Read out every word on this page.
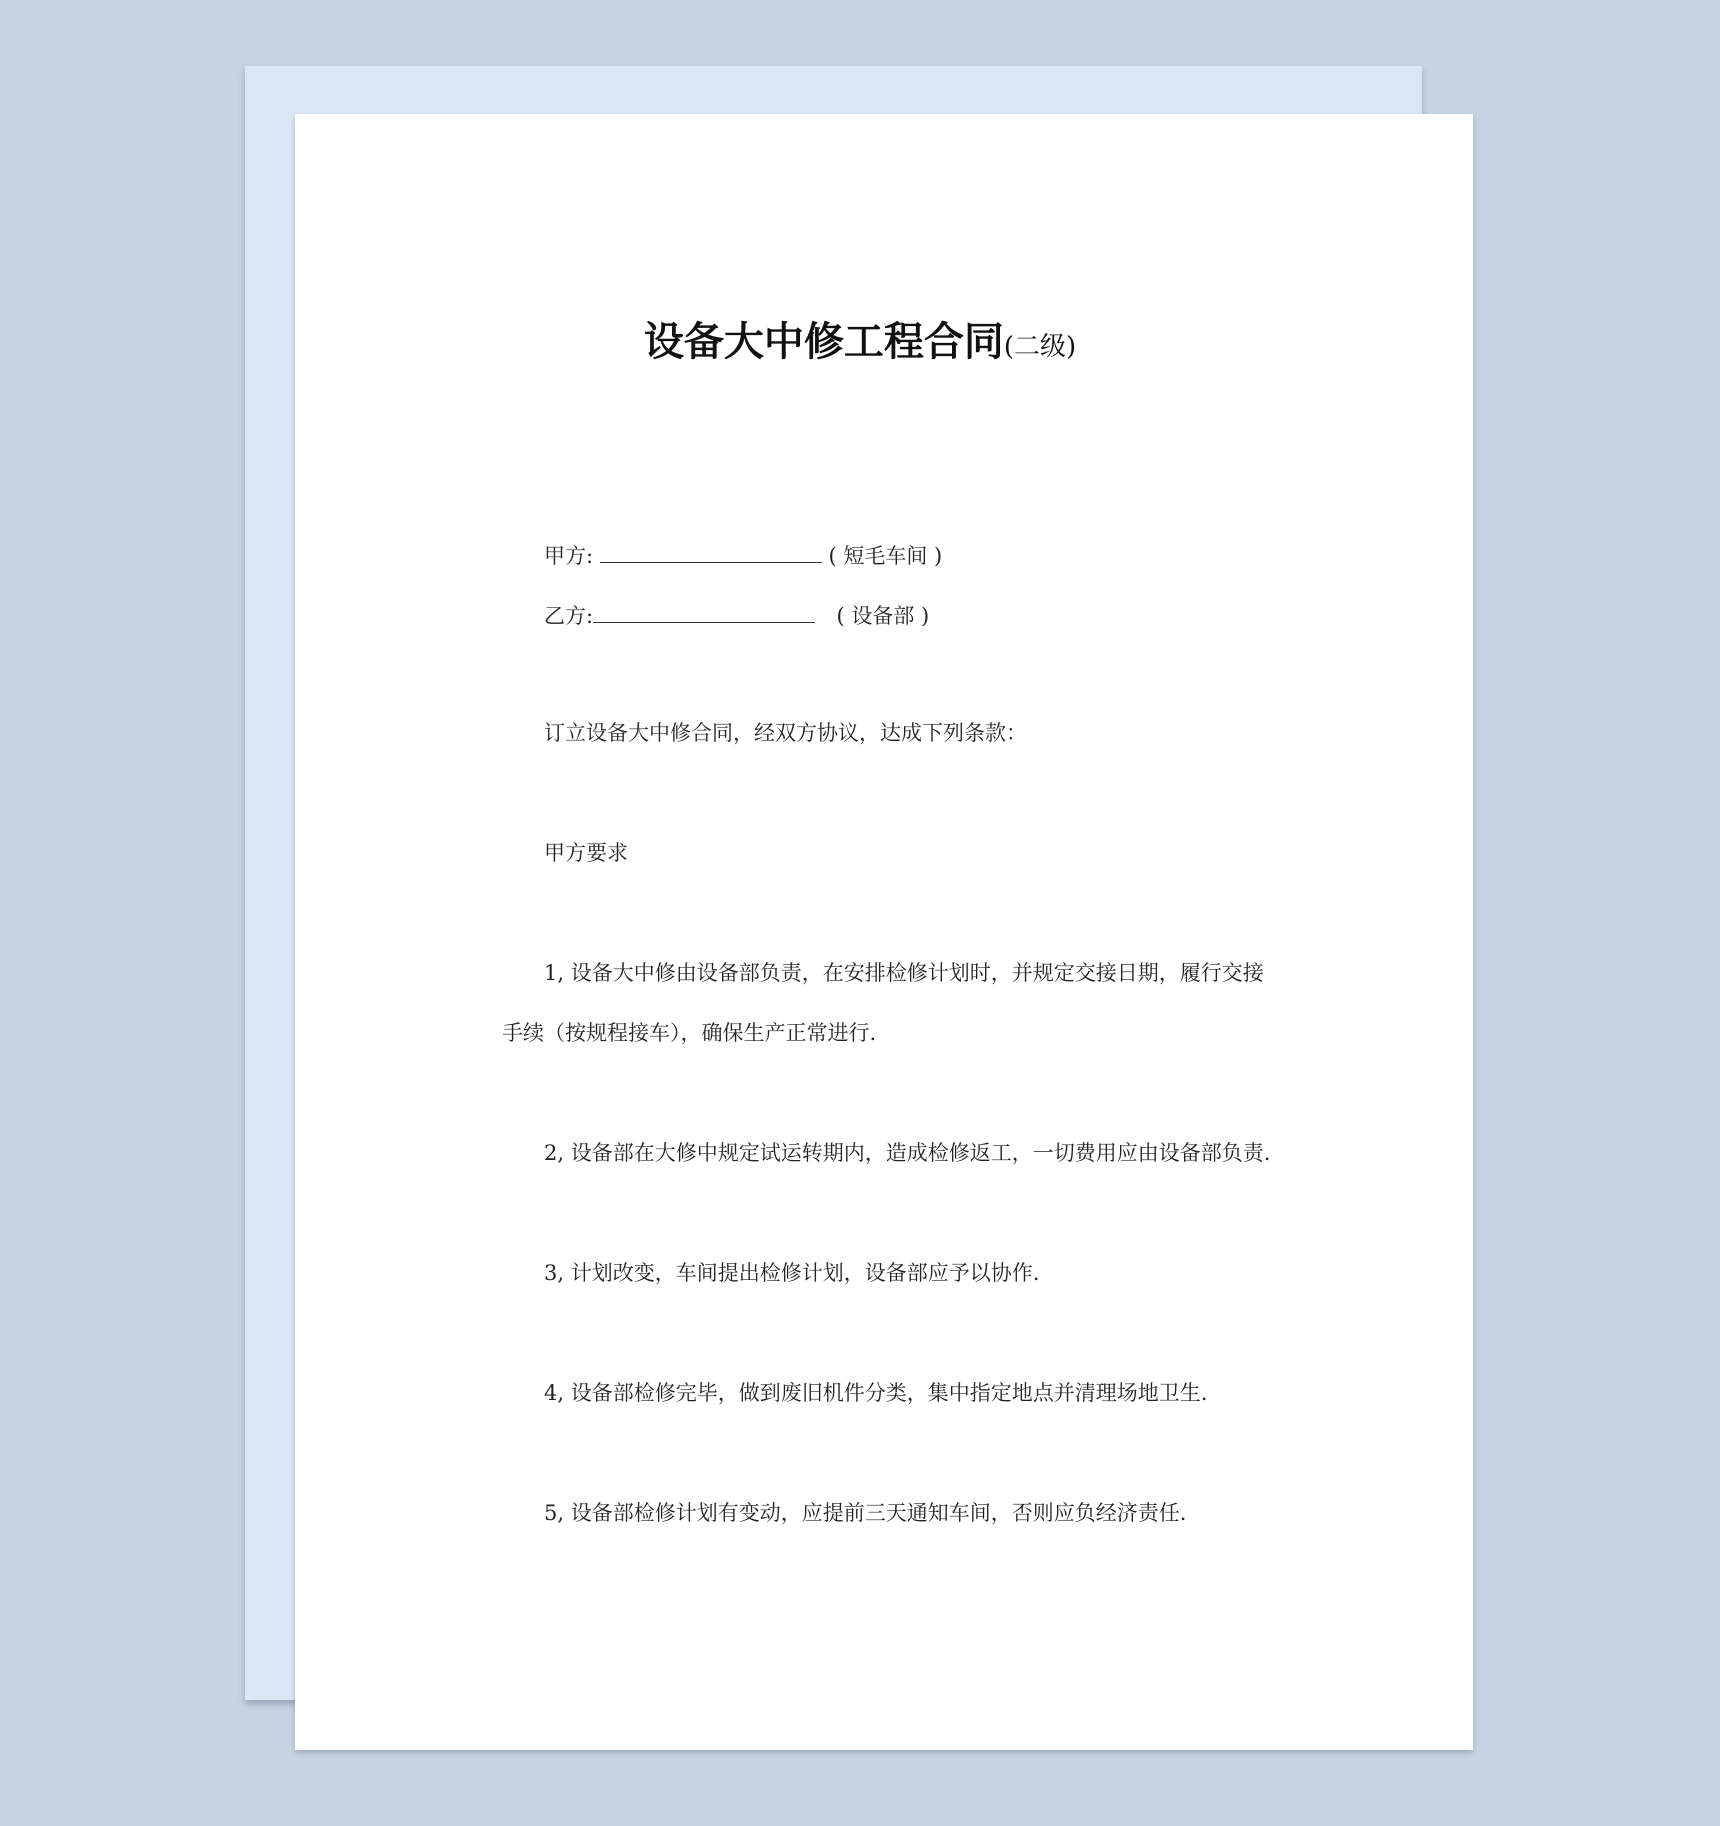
设备大中修工程合同(二级)
甲方:	( 短毛车间 )
乙方:	( 设备部 )
订立设备大中修合同，经双方协议，达成下列条款：
甲方要求
1, 设备大中修由设备部负责，在安排检修计划时，并规定交接日期，履行交接
手续（按规程接车），确保生产正常进行.
2, 设备部在大修中规定试运转期内，造成检修返工，一切费用应由设备部负责.
3, 计划改变，车间提出检修计划，设备部应予以协作.
4, 设备部检修完毕，做到废旧机件分类，集中指定地点并清理场地卫生.
5, 设备部检修计划有变动，应提前三天通知车间，否则应负经济责任.
